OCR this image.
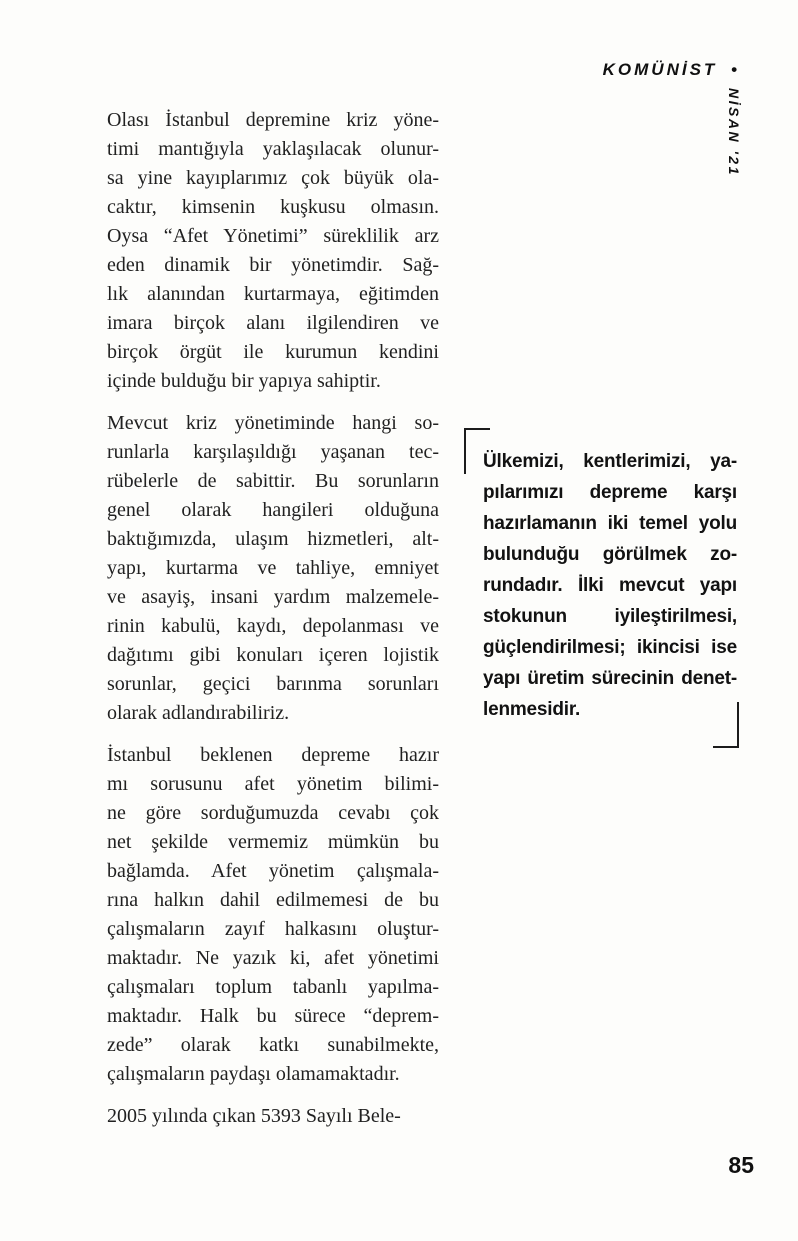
KOMÜNİST •
NİSAN '21
Olası İstanbul depremine kriz yöne-
timi mantığıyla yaklaşılacak olunur-
sa yine kayıplarımız çok büyük ola-
caktır, kimsenin kuşkusu olmasın.
Oysa “Afet Yönetimi” süreklilik arz
eden dinamik bir yönetimdir. Sağ-
lık alanından kurtarmaya, eğitimden
imara birçok alanı ilgilendiren ve
birçok örgüt ile kurumun kendini
içinde bulduğu bir yapıya sahiptir.
Mevcut kriz yönetiminde hangi so-
runlarla karşılaşıldığı yaşanan tec-
rübelerle de sabittir. Bu sorunların
genel olarak hangileri olduğuna
baktığımızda, ulaşım hizmetleri, alt-
yapı, kurtarma ve tahliye, emniyet
ve asayiş, insani yardım malzemele-
rinin kabulü, kaydı, depolanması ve
dağıtımı gibi konuları içeren lojistik
sorunlar, geçici barınma sorunları
olarak adlandırabiliriz.
İstanbul beklenen depreme hazır
mı sorusunu afet yönetim bilimi-
ne göre sorduğumuzda cevabı çok
net şekilde vermemiz mümkün bu
bağlamda. Afet yönetim çalışmala-
rına halkın dahil edilmemesi de bu
çalışmaların zayıf halkasını oluştur-
maktadır. Ne yazık ki, afet yönetimi
çalışmaları toplum tabanlı yapılma-
maktadır. Halk bu sürece “deprem-
zede” olarak katkı sunabilmekte,
çalışmaların paydaşı olamamaktadır.
2005 yılında çıkan 5393 Sayılı Bele-
Ülkemizi, kentlerimizi, ya-
pılarımızı depreme karşı
hazırlamanın iki temel yolu
bulunduğu görülmek zo-
rundadır. İlki mevcut yapı
stokunun iyileştirilmesi,
güçlendirilmesi; ikincisi ise
yapı üretim sürecinin denet-
lenmesidir.
85
